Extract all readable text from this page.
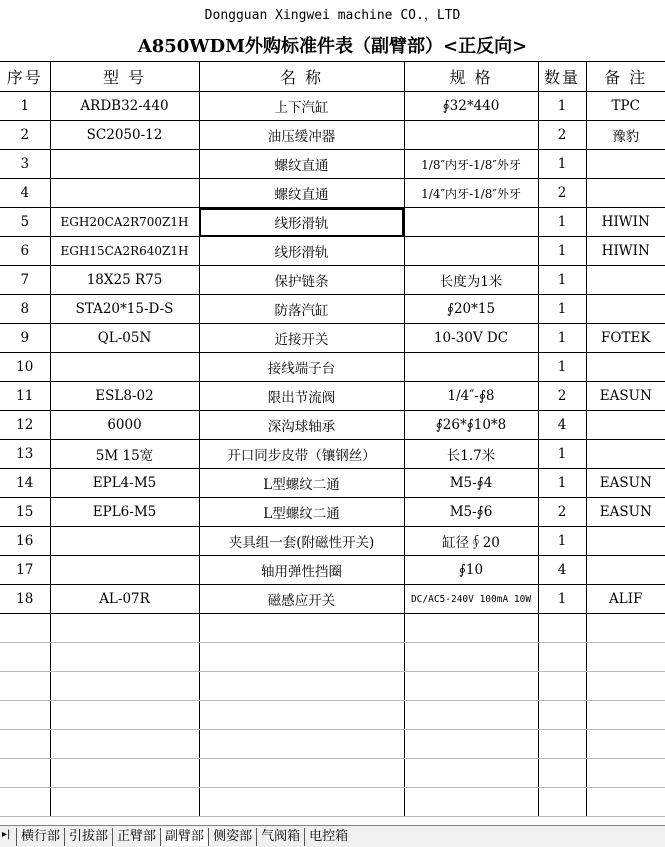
Dongguan Xingwei machine CO.，LTD
A850WDM外购标准件表（副臂部）<正反向>
序号	型 号	名 称	规 格	数量	备 注
1	ARDB32-440	上下汽缸	∮32*440	1	TPC
2	SC2050-12	油压缓冲器		2	豫豹
3		螺纹直通	1/8″内牙-1/8″外牙	1	
4		螺纹直通	1/4″内牙-1/8″外牙	2	
5	EGH20CA2R700Z1H	线形滑轨		1	HIWIN
6	EGH15CA2R640Z1H	线形滑轨		1	HIWIN
7	18X25 R75	保护链条	长度为1米	1	
8	STA20*15-D-S	防落汽缸	∮20*15	1	
9	QL-05N	近接开关	10-30V DC	1	FOTEK
10		接线端子台		1	
11	ESL8-02	限出节流阀	1/4″-∮8	2	EASUN
12	6000	深沟球轴承	∮26*∮10*8	4	
13	5M 15宽	开口同步皮带（镶钢丝）	长1.7米	1	
14	EPL4-M5	L型螺纹二通	M5-∮4	1	EASUN
15	EPL6-M5	L型螺纹二通	M5-∮6	2	EASUN
16		夹具组一套(附磁性开关)	缸径∮20	1	
17		轴用弹性挡圈	∮10	4	
18	AL-07R	磁感应开关	DC/AC5-240V 100mA 10W	1	ALIF

▸| 横行部 引拔部 正臂部 副臂部 侧姿部 气阀箱 电控箱
